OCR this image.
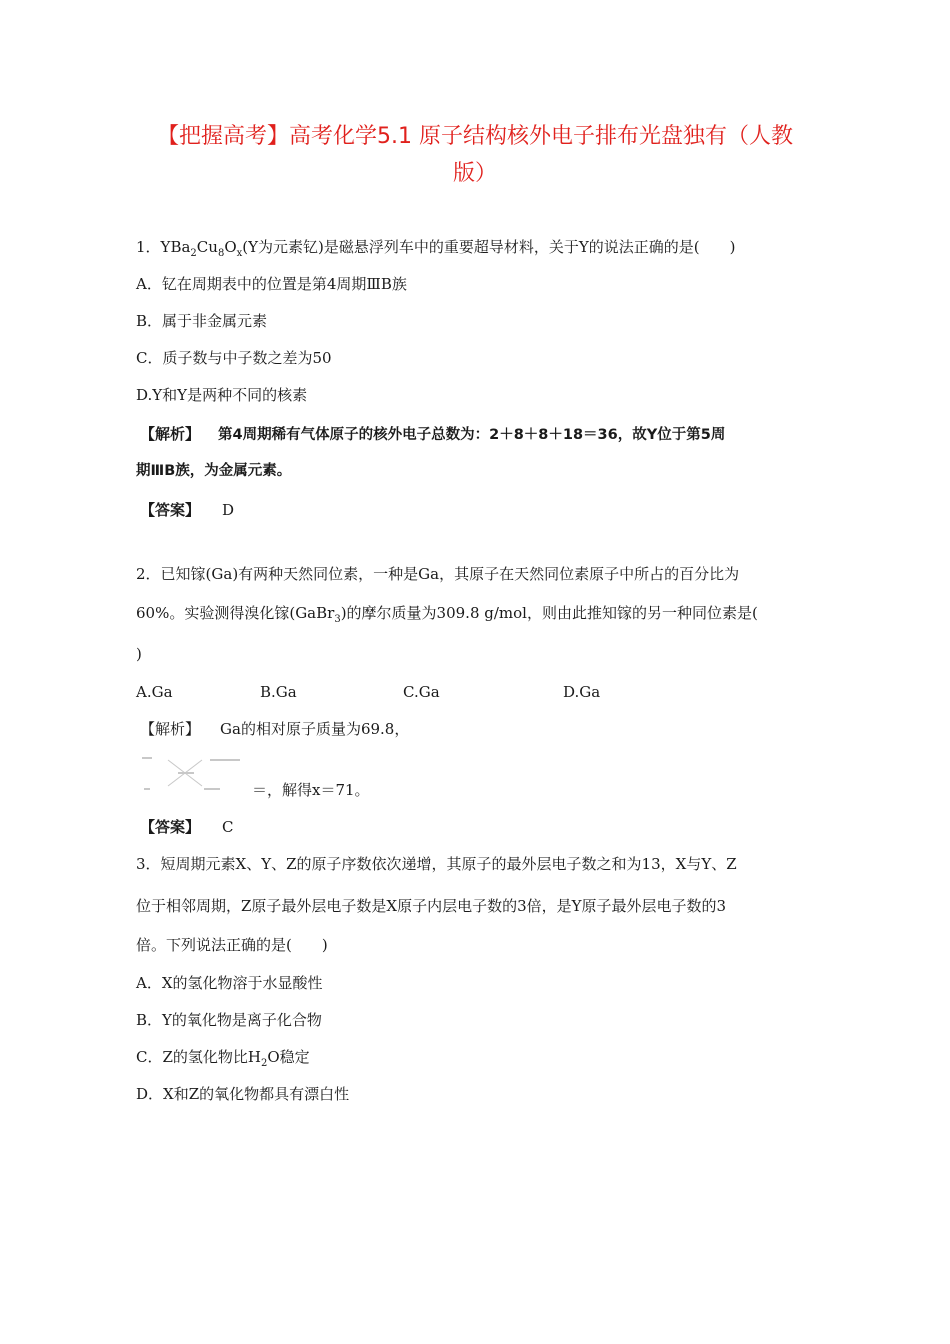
【把握高考】高考化学5.1 原子结构核外电子排布光盘独有（人教
版）
1．$YBa_2Cu_8O_x(Y$为元素钇)是磁悬浮列车中的重要超导材料，关于Y的说法正确的是(　　)
A．钇在周期表中的位置是第4周期ⅢB族
B．属于非金属元素
C．质子数与中子数之差为50
D.Y和Y是两种不同的核素
【解析】 第4周期稀有气体原子的核外电子总数为：2＋8＋8＋18＝36，故Y位于第5周
期ⅢB族，为金属元素。
【答案】 D
2．已知镓(Ga)有两种天然同位素，一种是Ga，其原子在天然同位素原子中所占的百分比为
60%。实验测得溴化镓(GaBr$_3$)的摩尔质量为309.8 g/mol，则由此推知镓的另一种同位素是(
)
A.Ga	B.Ga	C.Ga	D.Ga
【解析】 Ga的相对原子质量为69.8，
＝，解得x＝71。
【答案】 C
3．短周期元素X、Y、Z的原子序数依次递增，其原子的最外层电子数之和为13，X与Y、Z
位于相邻周期，Z原子最外层电子数是X原子内层电子数的3倍，是Y原子最外层电子数的3
倍。下列说法正确的是(　　)
A．X的氢化物溶于水显酸性
B．Y的氧化物是离子化合物
C．Z的氢化物比$H_2O$稳定
D．X和Z的氧化物都具有漂白性
